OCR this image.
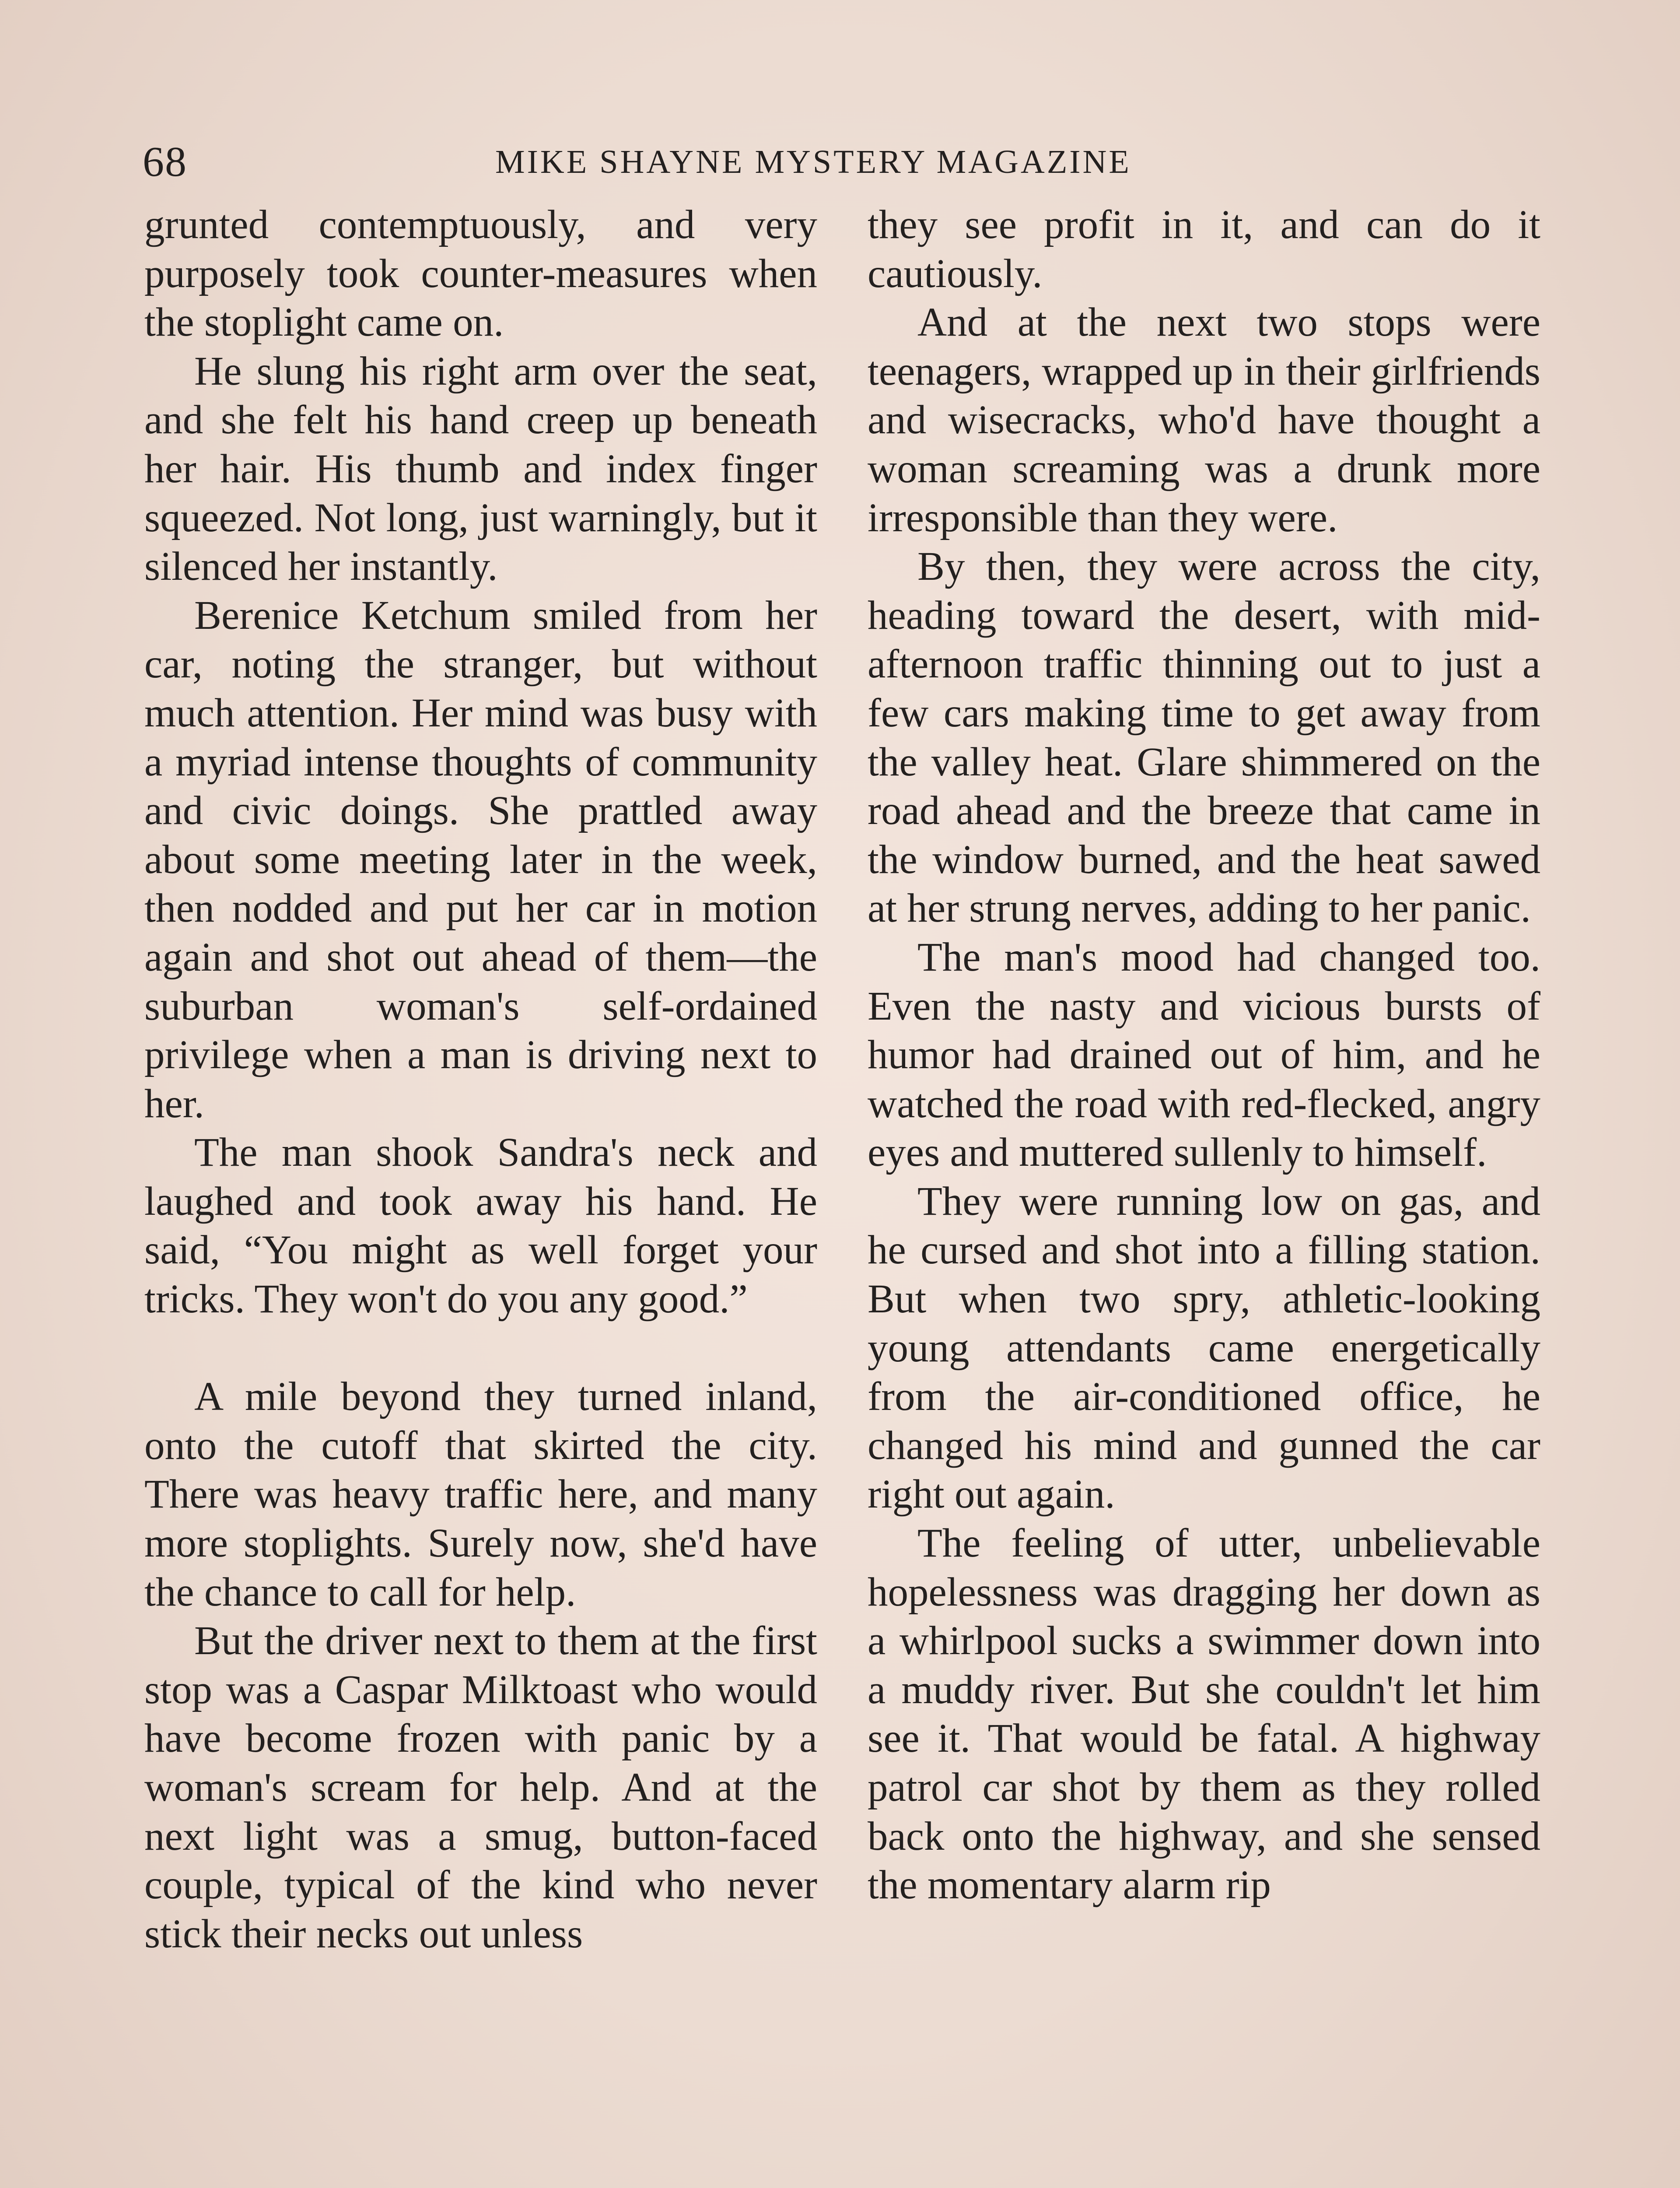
68	MIKE SHAYNE MYSTERY MAGAZINE

grunted contemptuously, and very purposely took counter-measures when the stoplight came on.

He slung his right arm over the seat, and she felt his hand creep up beneath her hair. His thumb and index finger squeezed. Not long, just warningly, but it silenced her instantly.

Berenice Ketchum smiled from her car, noting the stranger, but without much attention. Her mind was busy with a myriad intense thoughts of community and civic doings. She prattled away about some meeting later in the week, then nodded and put her car in motion again and shot out ahead of them—the suburban woman's self-ordained privilege when a man is driving next to her.

The man shook Sandra's neck and laughed and took away his hand. He said, “You might as well forget your tricks. They won't do you any good.”

A mile beyond they turned inland, onto the cutoff that skirted the city. There was heavy traffic here, and many more stoplights. Surely now, she'd have the chance to call for help.

But the driver next to them at the first stop was a Caspar Milktoast who would have become frozen with panic by a woman's scream for help. And at the next light was a smug, button-faced couple, typical of the kind who never stick their necks out unless

they see profit in it, and can do it cautiously.

And at the next two stops were teenagers, wrapped up in their girlfriends and wisecracks, who'd have thought a woman screaming was a drunk more irresponsible than they were.

By then, they were across the city, heading toward the desert, with mid-afternoon traffic thinning out to just a few cars making time to get away from the valley heat. Glare shimmered on the road ahead and the breeze that came in the window burned, and the heat sawed at her strung nerves, adding to her panic.

The man's mood had changed too. Even the nasty and vicious bursts of humor had drained out of him, and he watched the road with red-flecked, angry eyes and muttered sullenly to himself.

They were running low on gas, and he cursed and shot into a filling station. But when two spry, athletic-looking young attendants came energetically from the air-conditioned office, he changed his mind and gunned the car right out again.

The feeling of utter, unbelievable hopelessness was dragging her down as a whirlpool sucks a swimmer down into a muddy river. But she couldn't let him see it. That would be fatal. A highway patrol car shot by them as they rolled back onto the highway, and she sensed the momentary alarm rip
